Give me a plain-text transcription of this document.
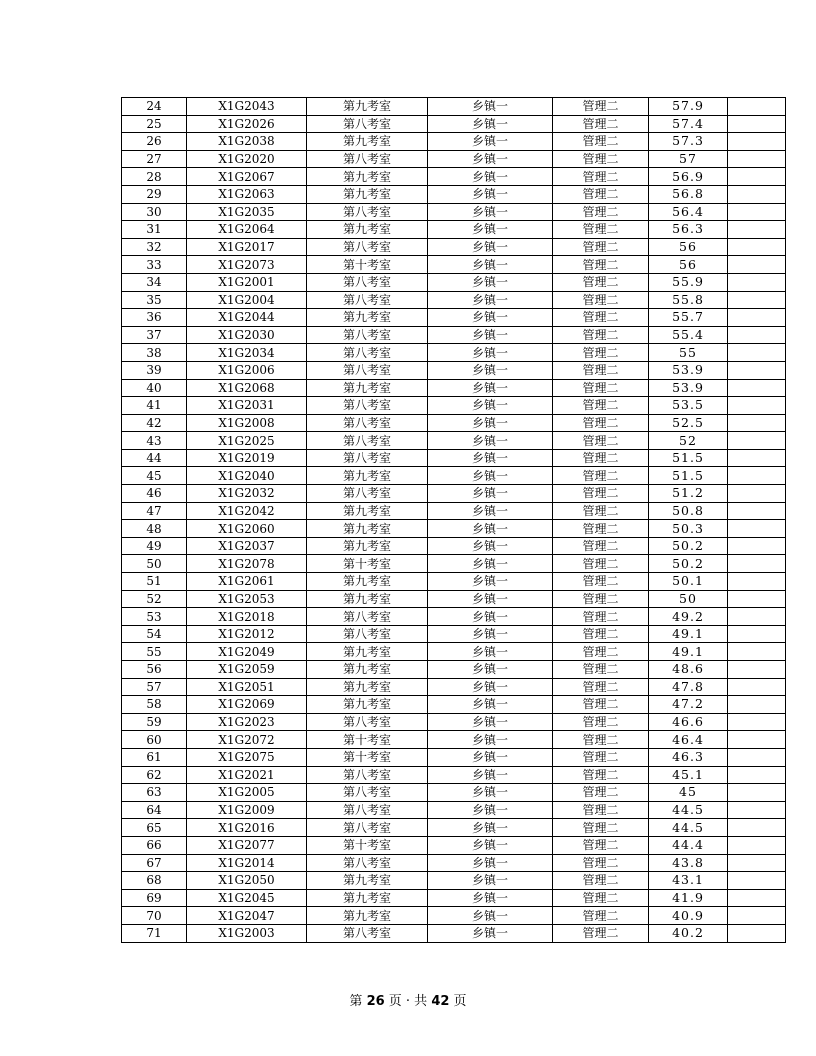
24	X1G2043	第九考室	乡镇一	管理二	57.9	
25	X1G2026	第八考室	乡镇一	管理二	57.4	
26	X1G2038	第九考室	乡镇一	管理二	57.3	
27	X1G2020	第八考室	乡镇一	管理二	57	
28	X1G2067	第九考室	乡镇一	管理二	56.9	
29	X1G2063	第九考室	乡镇一	管理二	56.8	
30	X1G2035	第八考室	乡镇一	管理二	56.4	
31	X1G2064	第九考室	乡镇一	管理二	56.3	
32	X1G2017	第八考室	乡镇一	管理二	56	
33	X1G2073	第十考室	乡镇一	管理二	56	
34	X1G2001	第八考室	乡镇一	管理二	55.9	
35	X1G2004	第八考室	乡镇一	管理二	55.8	
36	X1G2044	第九考室	乡镇一	管理二	55.7	
37	X1G2030	第八考室	乡镇一	管理二	55.4	
38	X1G2034	第八考室	乡镇一	管理二	55	
39	X1G2006	第八考室	乡镇一	管理二	53.9	
40	X1G2068	第九考室	乡镇一	管理二	53.9	
41	X1G2031	第八考室	乡镇一	管理二	53.5	
42	X1G2008	第八考室	乡镇一	管理二	52.5	
43	X1G2025	第八考室	乡镇一	管理二	52	
44	X1G2019	第八考室	乡镇一	管理二	51.5	
45	X1G2040	第九考室	乡镇一	管理二	51.5	
46	X1G2032	第八考室	乡镇一	管理二	51.2	
47	X1G2042	第九考室	乡镇一	管理二	50.8	
48	X1G2060	第九考室	乡镇一	管理二	50.3	
49	X1G2037	第九考室	乡镇一	管理二	50.2	
50	X1G2078	第十考室	乡镇一	管理二	50.2	
51	X1G2061	第九考室	乡镇一	管理二	50.1	
52	X1G2053	第九考室	乡镇一	管理二	50	
53	X1G2018	第八考室	乡镇一	管理二	49.2	
54	X1G2012	第八考室	乡镇一	管理二	49.1	
55	X1G2049	第九考室	乡镇一	管理二	49.1	
56	X1G2059	第九考室	乡镇一	管理二	48.6	
57	X1G2051	第九考室	乡镇一	管理二	47.8	
58	X1G2069	第九考室	乡镇一	管理二	47.2	
59	X1G2023	第八考室	乡镇一	管理二	46.6	
60	X1G2072	第十考室	乡镇一	管理二	46.4	
61	X1G2075	第十考室	乡镇一	管理二	46.3	
62	X1G2021	第八考室	乡镇一	管理二	45.1	
63	X1G2005	第八考室	乡镇一	管理二	45	
64	X1G2009	第八考室	乡镇一	管理二	44.5	
65	X1G2016	第八考室	乡镇一	管理二	44.5	
66	X1G2077	第十考室	乡镇一	管理二	44.4	
67	X1G2014	第八考室	乡镇一	管理二	43.8	
68	X1G2050	第九考室	乡镇一	管理二	43.1	
69	X1G2045	第九考室	乡镇一	管理二	41.9	
70	X1G2047	第九考室	乡镇一	管理二	40.9	
71	X1G2003	第八考室	乡镇一	管理二	40.2	
第 26 页 · 共 42 页
